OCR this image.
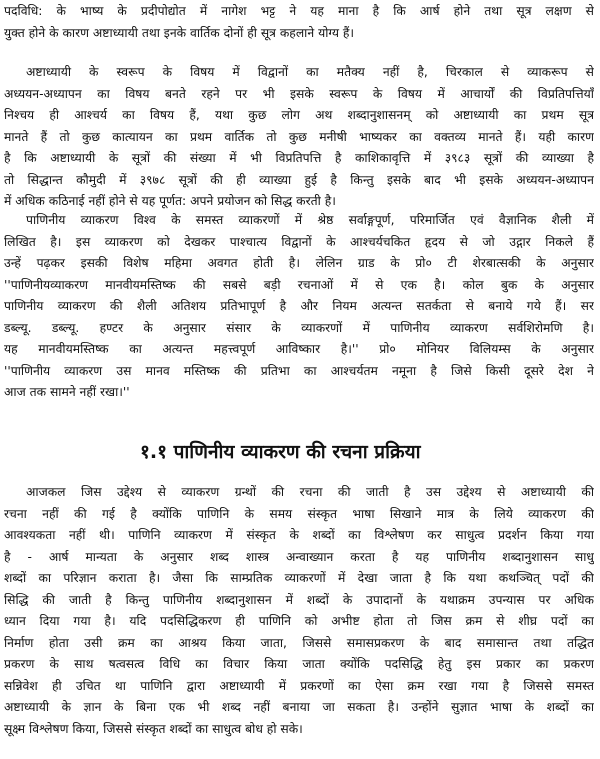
पदविधि: के भाष्य के प्रदीपोद्योत में नागेश भट्ट ने यह माना है कि आर्ष होने तथा सूत्र लक्षण से
युक्त होने के कारण अष्टाध्यायी तथा इनके वार्तिक दोनों ही सूत्र कहलाने योग्य हैं।
अष्टाध्यायी के स्वरूप के विषय में विद्वानों का मतैक्य नहीं है, चिरकाल से व्याकरूप से
अध्ययन-अध्यापन का विषय बनते रहने पर भी इसके स्वरूप के विषय में आचार्यों की विप्रतिपत्तियाँ
निश्चय ही आश्चर्य का विषय हैं, यथा कुछ लोग अथ शब्दानुशासनम् को अष्टाध्यायी का प्रथम सूत्र
मानते हैं तो कुछ कात्यायन का प्रथम वार्तिक तो कुछ मनीषी भाष्यकर का वक्तव्य मानते हैं। यही कारण
है कि अष्टाध्यायी के सूत्रों की संख्या में भी विप्रतिपत्ति है काशिकावृत्ति में ३९८३ सूत्रों की व्याख्या है
तो सिद्धान्त कौमुदी में ३९७८ सूत्रों की ही व्याख्या हुई है किन्तु इसके बाद भी इसके अध्ययन-अध्यापन
में अधिक कठिनाई नहीं होने से यह पूर्णत: अपने प्रयोजन को सिद्ध करती है।
पाणिनीय व्याकरण विश्व के समस्त व्याकरणों में श्रेष्ठ सर्वाङ्गपूर्ण, परिमार्जित एवं वैज्ञानिक शैली में
लिखित है। इस व्याकरण को देखकर पाश्चात्य विद्वानों के आश्चर्यचकित हृदय से जो उद्गार निकले हैं
उन्हें पढ़कर इसकी विशेष महिमा अवगत होती है। लेलिन ग्राड के प्रो० टी शेरबात्सकी के अनुसार
''पाणिनीयव्याकरण मानवीयमस्तिष्क की सबसे बड़ी रचनाओं में से एक है। कोल बुक के अनुसार
पाणिनीय व्याकरण की शैली अतिशय प्रतिभापूर्ण है और नियम अत्यन्त सतर्कता से बनाये गये हैं। सर
डब्ल्यू. डब्ल्यू. हण्टर के अनुसार संसार के व्याकरणों में पाणिनीय व्याकरण सर्वशिरोमणि है।
यह मानवीयमस्तिष्क का अत्यन्त महत्त्वपूर्ण आविष्कार है।'' प्रो० मोनियर विलियम्स के अनुसार
''पाणिनीय व्याकरण उस मानव मस्तिष्क की प्रतिभा का आश्चर्यतम नमूना है जिसे किसी दूसरे देश ने
आज तक सामने नहीं रखा।''
१.१ पाणिनीय व्याकरण की रचना प्रक्रिया
आजकल जिस उद्देश्य से व्याकरण ग्रन्थों की रचना की जाती है उस उद्देश्य से अष्टाध्यायी की
रचना नहीं की गई है क्योंकि पाणिनि के समय संस्कृत भाषा सिखाने मात्र के लिये व्याकरण की
आवश्यकता नहीं थी। पाणिनि व्याकरण में संस्कृत के शब्दों का विश्लेषण कर साधुत्व प्रदर्शन किया गया
है - आर्ष मान्यता के अनुसार शब्द शास्त्र अन्वाख्यान करता है यह पाणिनीय शब्दानुशासन साधु
शब्दों का परिज्ञान कराता है। जैसा कि साम्प्रतिक व्याकरणों में देखा जाता है कि यथा कथञ्चित् पदों की
सिद्धि की जाती है किन्तु पाणिनीय शब्दानुशासन में शब्दों के उपादानों के यथाक्रम उपन्यास पर अधिक
ध्यान दिया गया है। यदि पदसिद्धिकरण ही पाणिनि को अभीष्ट होता तो जिस क्रम से शीघ्र पदों का
निर्माण होता उसी क्रम का आश्रय किया जाता, जिससे समासप्रकरण के बाद समासान्त तथा तद्धित
प्रकरण के साथ षत्वसत्व विधि का विचार किया जाता क्योंकि पदसिद्धि हेतु इस प्रकार का प्रकरण
सन्निवेश ही उचित था पाणिनि द्वारा अष्टाध्यायी में प्रकरणों का ऐसा क्रम रखा गया है जिससे समस्त
अष्टाध्यायी के ज्ञान के बिना एक भी शब्द नहीं बनाया जा सकता है। उन्होंने सुज्ञात भाषा के शब्दों का
सूक्ष्म विश्लेषण किया, जिससे संस्कृत शब्दों का साधुत्व बोध हो सके।
